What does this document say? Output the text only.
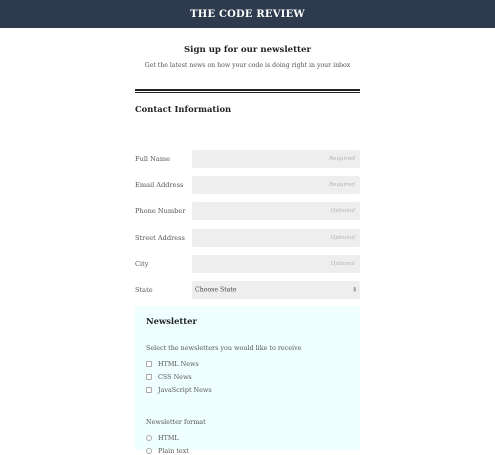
THE CODE REVIEW
Sign up for our newsletter
Get the latest news on how your code is doing right in your inbox
Contact Information
Full Name	Required
Email Address	Required
Phone Number	Optional
Street Address	Optional
City	Optional
State	Choose State	⇕
Newsletter
Select the newsletters you would like to receive
HTML News
CSS News
JavaScript News
Newsletter format
HTML
Plain text
